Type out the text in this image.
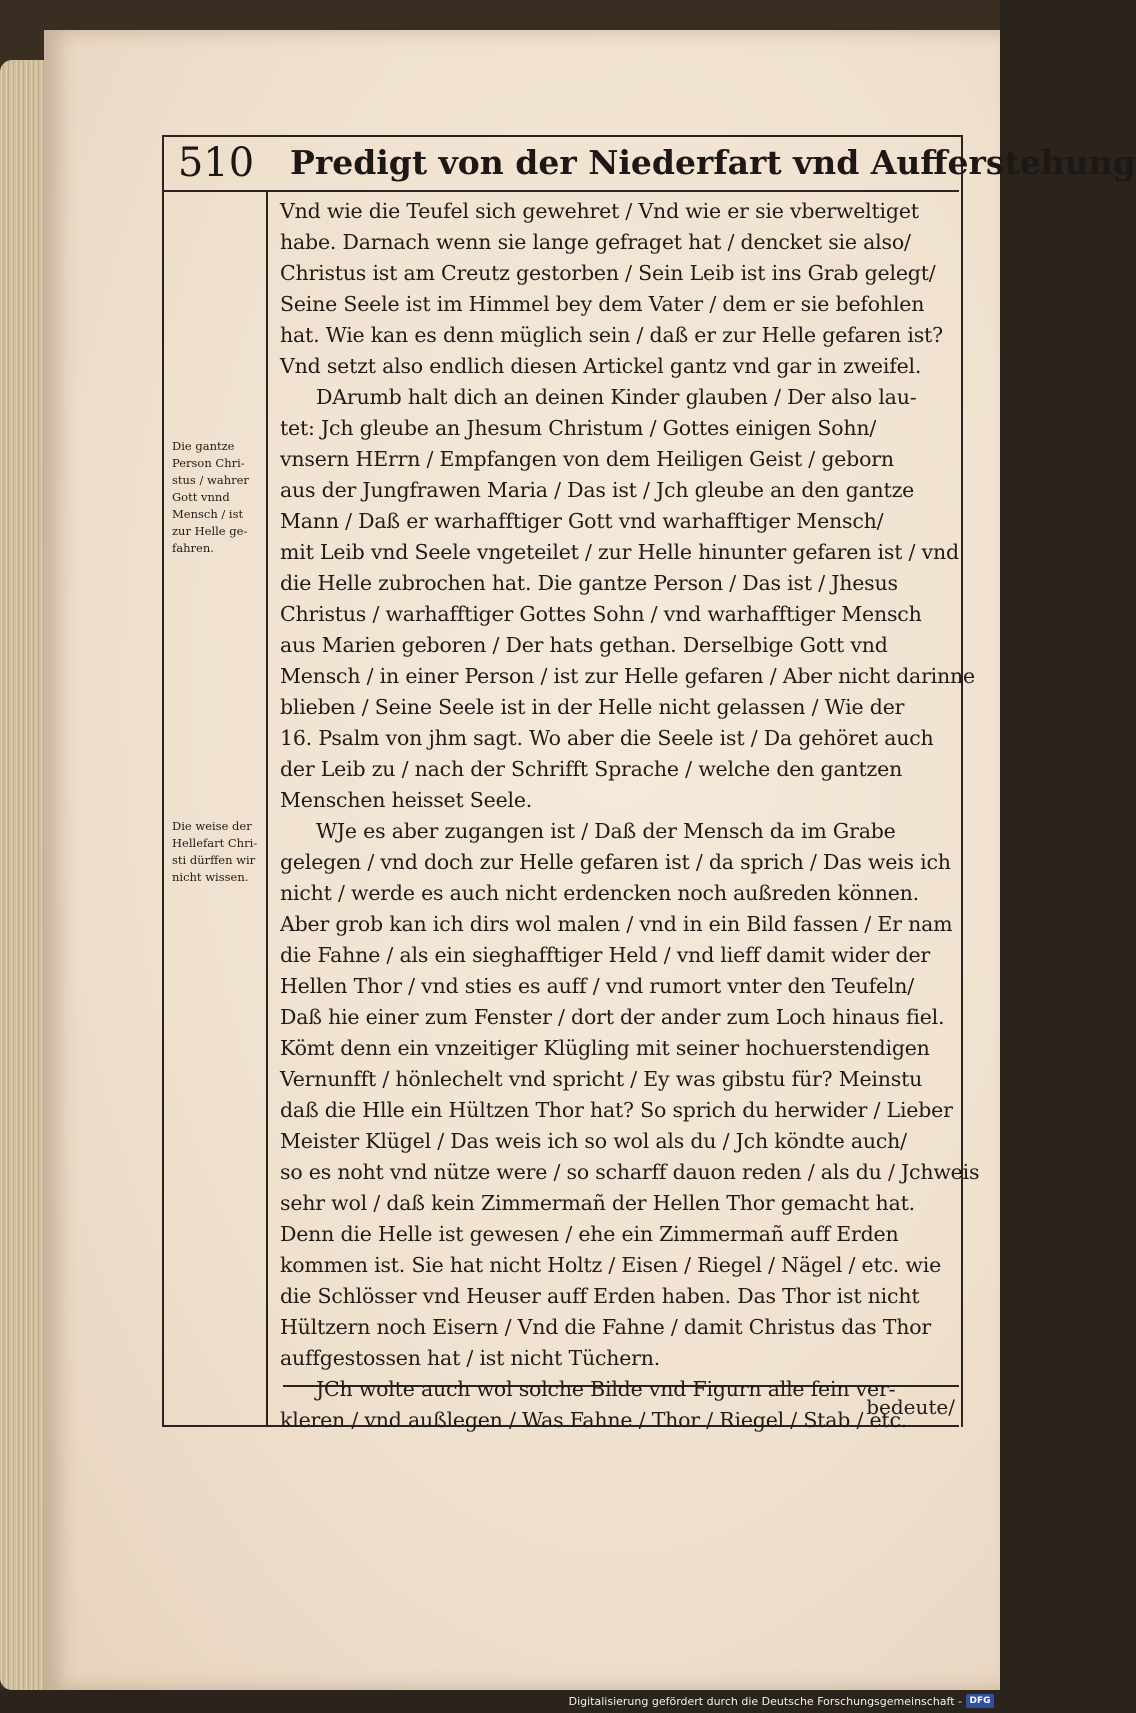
510	Predigt von der Niederfart vnd Aufferstehung
Vnd wie die Teufel sich gewehret / Vnd wie er sie vberweltiget
habe. Darnach wenn sie lange gefraget hat / dencket sie also/
Christus ist am Creutz gestorben / Sein Leib ist ins Grab gelegt/
Seine Seele ist im Himmel bey dem Vater / dem er sie befohlen
hat. Wie kan es denn müglich sein / daß er zur Helle gefaren ist?
Vnd setzt also endlich diesen Artickel gantz vnd gar in zweifel.
DArumb halt dich an deinen Kinder glauben / Der also lau-
tet: Jch gleube an Jhesum Christum / Gottes einigen Sohn/
vnsern HErrn / Empfangen von dem Heiligen Geist / geborn
aus der Jungfrawen Maria / Das ist / Jch gleube an den gantze
Mann / Daß er warhafftiger Gott vnd warhafftiger Mensch/
mit Leib vnd Seele vngeteilet / zur Helle hinunter gefaren ist / vnd
die Helle zubrochen hat. Die gantze Person / Das ist / Jhesus
Christus / warhafftiger Gottes Sohn / vnd warhafftiger Mensch
aus Marien geboren / Der hats gethan. Derselbige Gott vnd
Mensch / in einer Person / ist zur Helle gefaren / Aber nicht darinne
blieben / Seine Seele ist in der Helle nicht gelassen / Wie der
16. Psalm von jhm sagt. Wo aber die Seele ist / Da gehöret auch
der Leib zu / nach der Schrifft Sprache / welche den gantzen
Menschen heisset Seele.
WJe es aber zugangen ist / Daß der Mensch da im Grabe
gelegen / vnd doch zur Helle gefaren ist / da sprich / Das weis ich
nicht / werde es auch nicht erdencken noch außreden können.
Aber grob kan ich dirs wol malen / vnd in ein Bild fassen / Er nam
die Fahne / als ein sieghafftiger Held / vnd lieff damit wider der
Hellen Thor / vnd sties es auff / vnd rumort vnter den Teufeln/
Daß hie einer zum Fenster / dort der ander zum Loch hinaus fiel.
Kömt denn ein vnzeitiger Klügling mit seiner hochuerstendigen
Vernunfft / hönlechelt vnd spricht / Ey was gibstu für? Meinstu
daß die Hlle ein Hültzen Thor hat? So sprich du herwider / Lieber
Meister Klügel / Das weis ich so wol als du / Jch köndte auch/
so es noht vnd nütze were / so scharff dauon reden / als du / Jchweis
sehr wol / daß kein Zimmermañ der Hellen Thor gemacht hat.
Denn die Helle ist gewesen / ehe ein Zimmermañ auff Erden
kommen ist. Sie hat nicht Holtz / Eisen / Riegel / Nägel / etc. wie
die Schlösser vnd Heuser auff Erden haben. Das Thor ist nicht
Hültzern noch Eisern / Vnd die Fahne / damit Christus das Thor
auffgestossen hat / ist nicht Tüchern.
JCh wolte auch wol solche Bilde vnd Figurn alle fein ver-
kleren / vnd außlegen / Was Fahne / Thor / Riegel / Stab / etc.
Die gantze
Person Chri-
stus / wahrer
Gott vnnd
Mensch / ist
zur Helle ge-
fahren.
Die weise der
Hellefart Chri-
sti dürffen wir
nicht wissen.
bedeute/
Digitalisierung gefördert durch die Deutsche Forschungsgemeinschaft - DFG
